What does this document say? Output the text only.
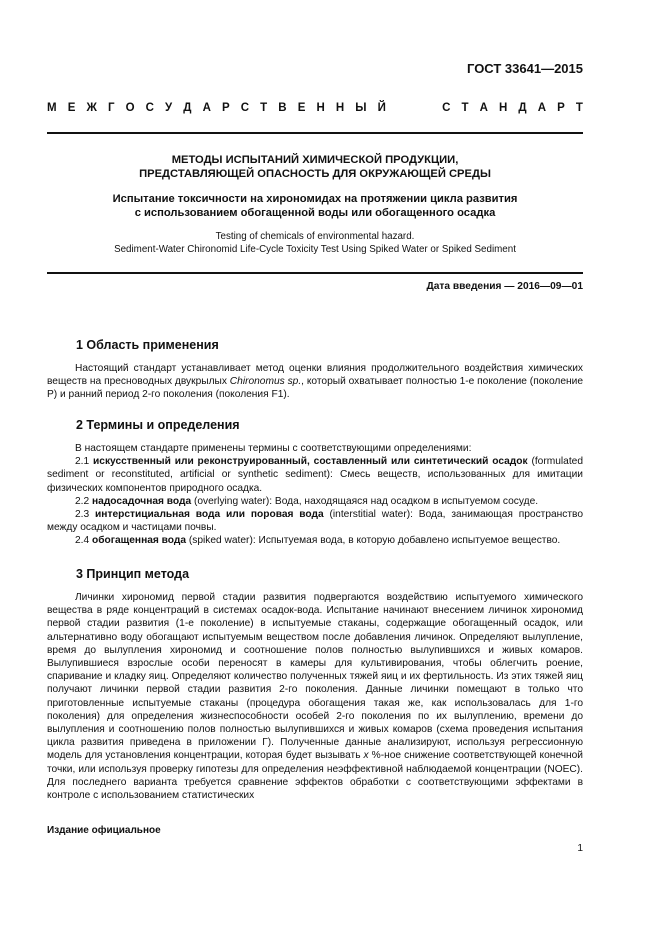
ГОСТ 33641—2015
М Е Ж Г О С У Д А Р С Т В Е Н Н Ы Й	С Т А Н Д А Р Т
МЕТОДЫ ИСПЫТАНИЙ ХИМИЧЕСКОЙ ПРОДУКЦИИ,
ПРЕДСТАВЛЯЮЩЕЙ ОПАСНОСТЬ ДЛЯ ОКРУЖАЮЩЕЙ СРЕДЫ
Испытание токсичности на хирономидах на протяжении цикла развития
с использованием обогащенной воды или обогащенного осадка
Testing of chemicals of environmental hazard.
Sediment-Water Chironomid Life-Cycle Toxicity Test Using Spiked Water or Spiked Sediment
Дата введения — 2016—09—01
1 Область применения

Настоящий стандарт устанавливает метод оценки влияния продолжительного воздействия химических веществ на пресноводных двукрылых Chironomus sp., который охватывает полностью 1-е поколение (поколение Р) и ранний период 2-го поколения (поколения F1).

2 Термины и определения

В настоящем стандарте применены термины с соответствующими определениями:

2.1 искусственный или реконструированный, составленный или синтетический осадок (formulated sediment or reconstituted, artificial or synthetic sediment): Смесь веществ, использованных для имитации физических компонентов природного осадка.

2.2 надосадочная вода (overlying water): Вода, находящаяся над осадком в испытуемом сосуде.

2.3 интерстициальная вода или поровая вода (interstitial water): Вода, занимающая пространство между осадком и частицами почвы.

2.4 обогащенная вода (spiked water): Испытуемая вода, в которую добавлено испытуемое вещество.

3 Принцип метода

Личинки хирономид первой стадии развития подвергаются воздействию испытуемого химического вещества в ряде концентраций в системах осадок-вода. Испытание начинают внесением личинок хирономид первой стадии развития (1-е поколение) в испытуемые стаканы, содержащие обогащенный осадок, или альтернативно воду обогащают испытуемым веществом после добавления личинок. Определяют вылупление, время до вылупления хирономид и соотношение полов полностью вылупившихся и живых комаров. Вылупившиеся взрослые особи переносят в камеры для культивирования, чтобы облегчить роение, спаривание и кладку яиц. Определяют количество полученных тяжей яиц и их фертильность. Из этих тяжей яиц получают личинки первой стадии развития 2-го поколения. Данные личинки помещают в только что приготовленные испытуемые стаканы (процедура обогащения такая же, как использовалась для 1-го поколения) для определения жизнеспособности особей 2-го поколения по их вылуплению, времени до вылупления и соотношению полов полностью вылупившихся и живых комаров (схема проведения испытания цикла развития приведена в приложении Г). Полученные данные анализируют, используя регрессионную модель для установления концентрации, которая будет вызывать x %-ное снижение соответствующей конечной точки, или используя проверку гипотезы для определения неэффективной наблюдаемой концентрации (NOEC). Для последнего варианта требуется сравнение эффектов обработки с соответствующими эффектами в контроле с использованием статистических

Издание официальное
1
